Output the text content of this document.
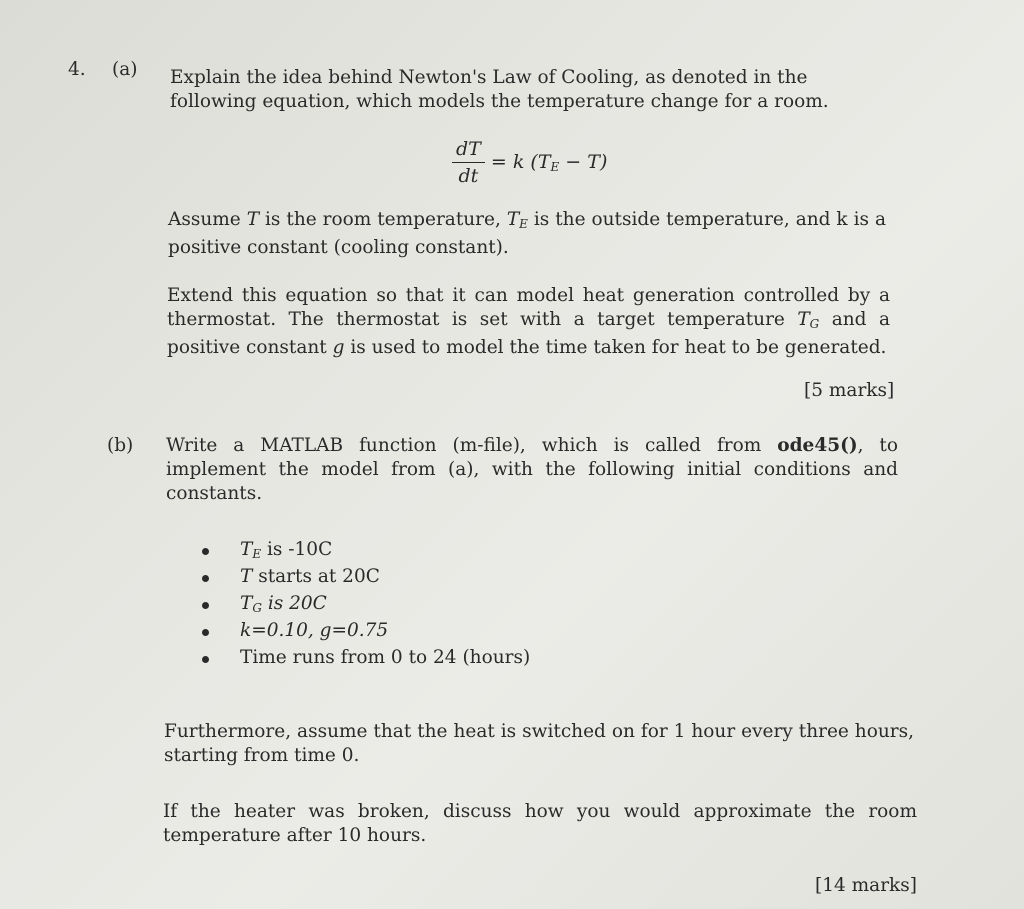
4. (a) Explain the idea behind Newton's Law of Cooling, as denoted in the following equation, which models the temperature change for a room.
$\frac{dT}{dt} = k$ $(T_E - T)$
Assume T is the room temperature, $T_E$ is the outside temperature, and k is a positive constant (cooling constant).
Extend this equation so that it can model heat generation controlled by a thermostat. The thermostat is set with a target temperature $T_G$ and a positive constant g is used to model the time taken for heat to be generated.
[5 marks]
(b) Write a MATLAB function (m-file), which is called from ode45(), to implement the model from (a), with the following initial conditions and constants.
$T_E$ is -10C
T starts at 20C
$T_G$ is 20C
k=0.10, g=0.75
Time runs from 0 to 24 (hours)
Furthermore, assume that the heat is switched on for 1 hour every three hours, starting from time 0.
If the heater was broken, discuss how you would approximate the room temperature after 10 hours.
[14 marks]
